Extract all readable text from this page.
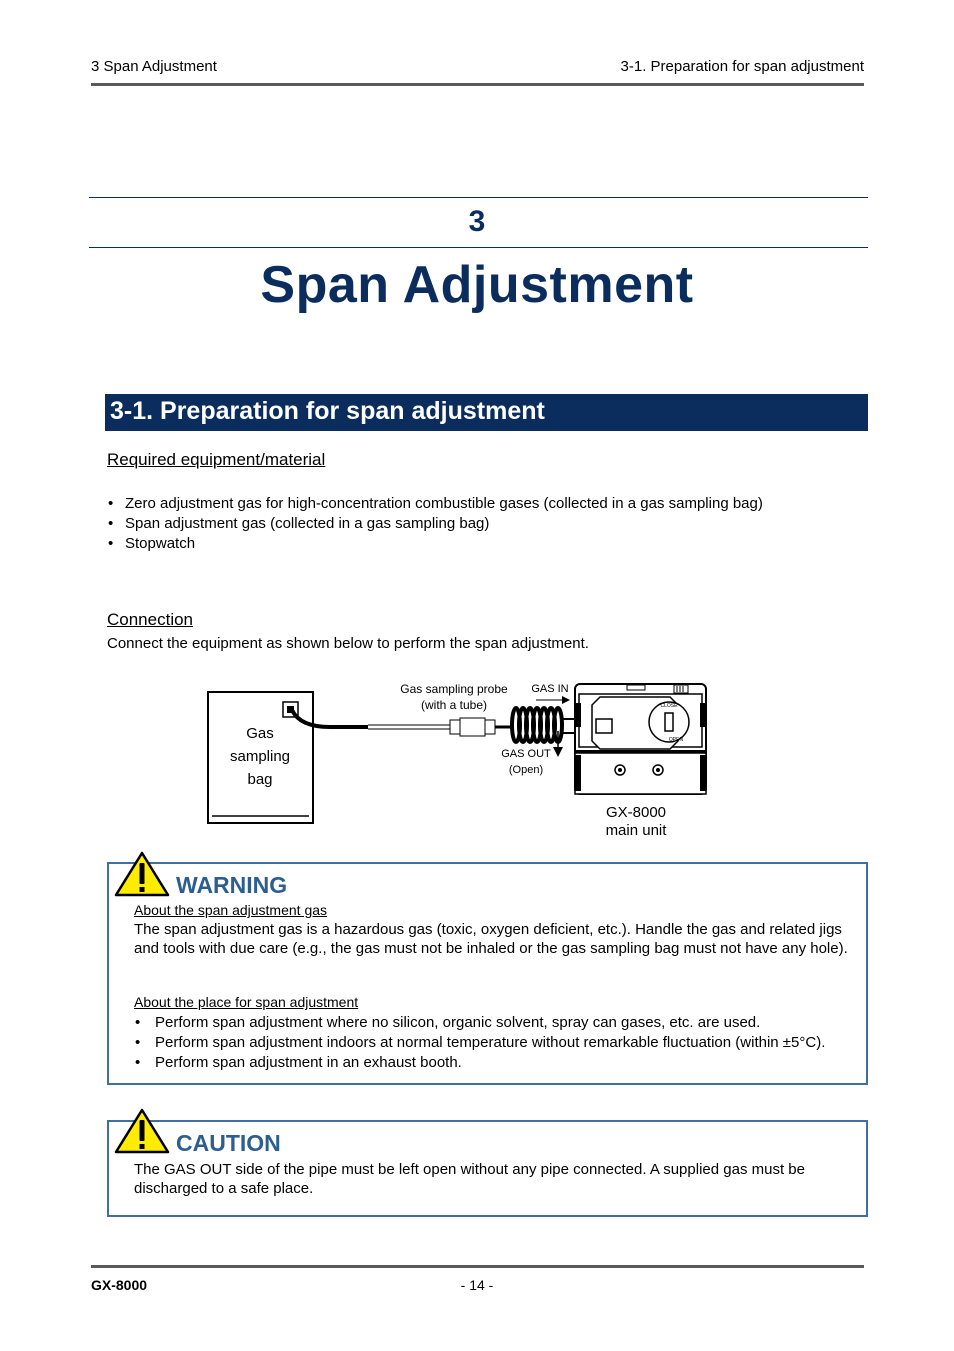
3 Span Adjustment	3-1. Preparation for span adjustment
3
Span Adjustment
3-1. Preparation for span adjustment
Required equipment/material
• Zero adjustment gas for high-concentration combustible gases (collected in a gas sampling bag)
• Span adjustment gas (collected in a gas sampling bag)
• Stopwatch
Connection
Connect the equipment as shown below to perform the span adjustment.
Gas
sampling
bag
Gas sampling probe
(with a tube)
GAS IN
GAS OUT
(Open)
CLOSE
OPEN
GX-8000
main unit
WARNING
About the span adjustment gas
The span adjustment gas is a hazardous gas (toxic, oxygen deficient, etc.). Handle the gas and related jigs and tools with due care (e.g., the gas must not be inhaled or the gas sampling bag must not have any hole).
About the place for span adjustment
• Perform span adjustment where no silicon, organic solvent, spray can gases, etc. are used.
• Perform span adjustment indoors at normal temperature without remarkable fluctuation (within ±5°C).
• Perform span adjustment in an exhaust booth.
CAUTION
The GAS OUT side of the pipe must be left open without any pipe connected. A supplied gas must be discharged to a safe place.
GX-8000	- 14 -
